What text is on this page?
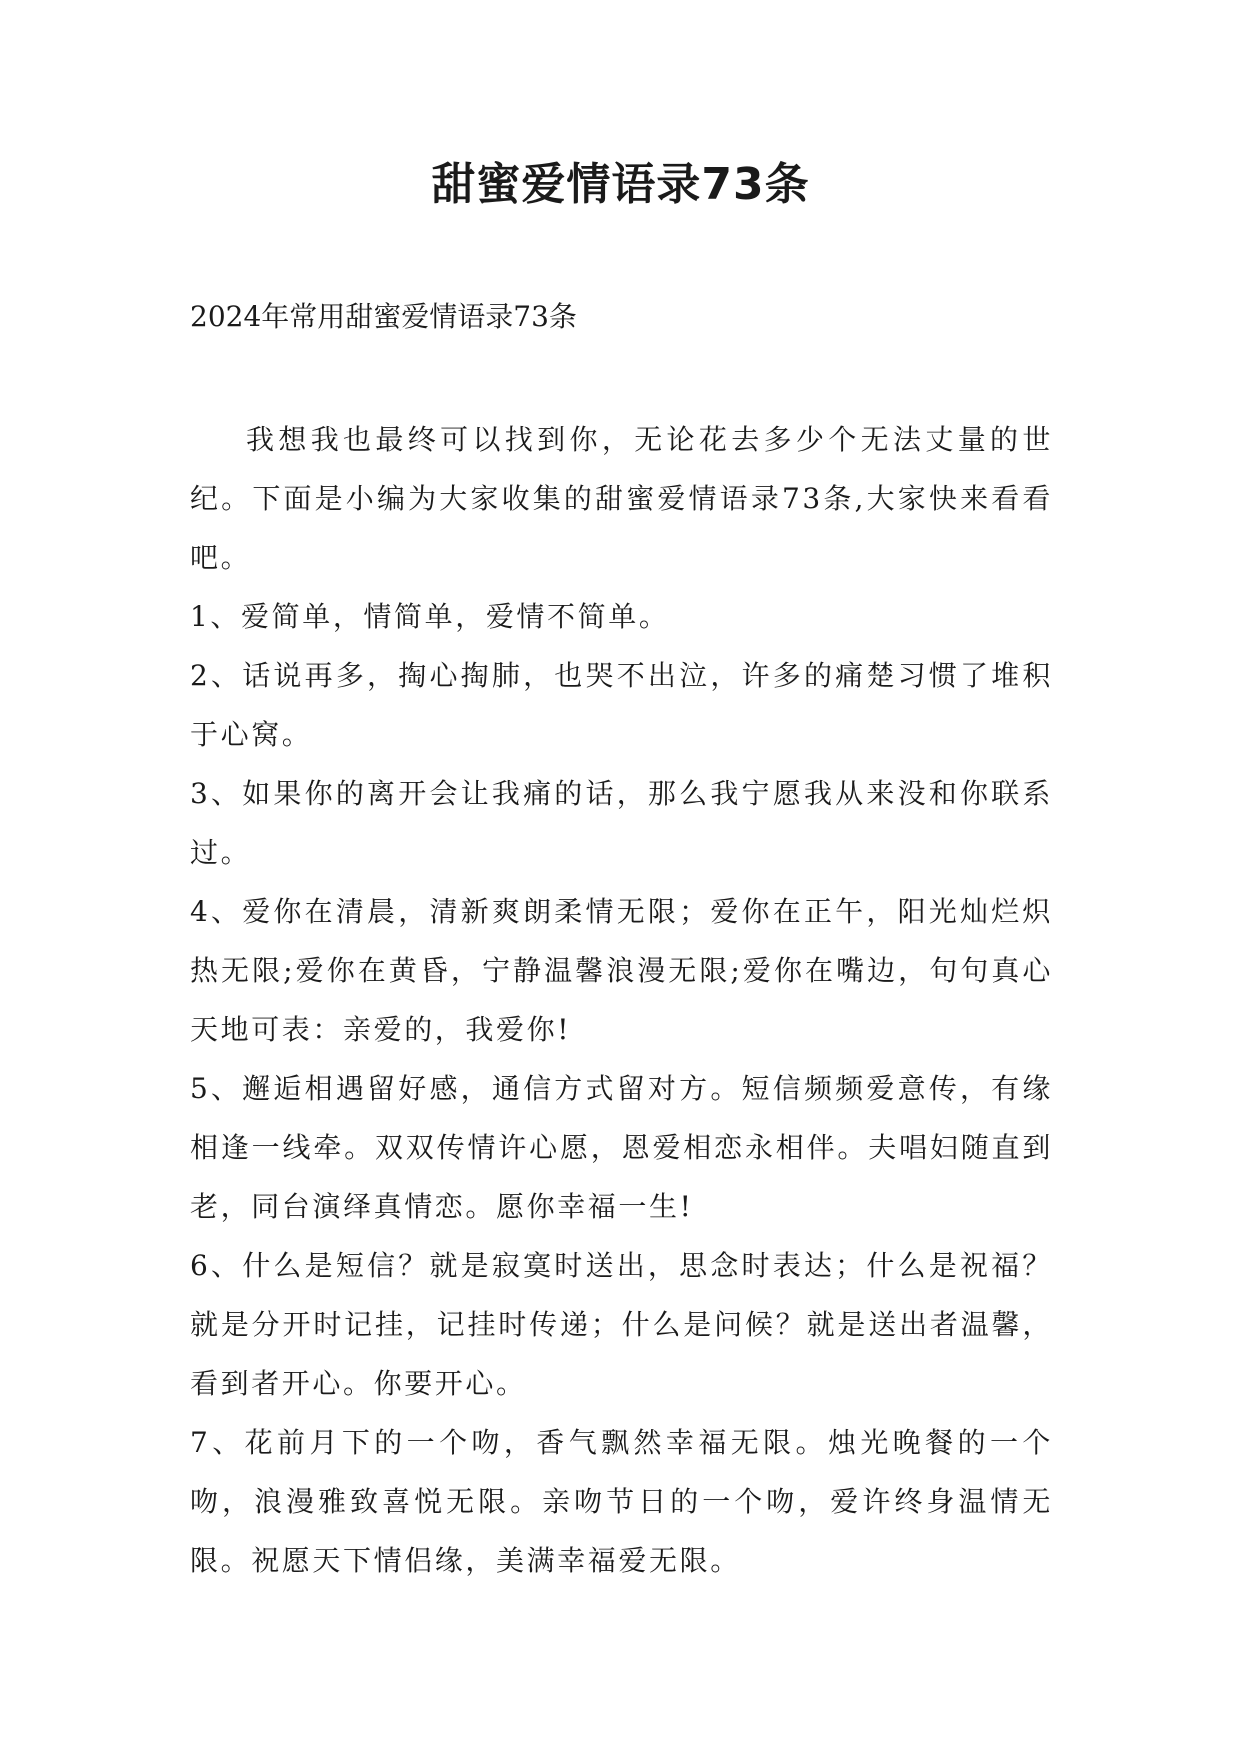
甜蜜爱情语录73条

2024年常用甜蜜爱情语录73条

我想我也最终可以找到你，无论花去多少个无法丈量的世纪。下面是小编为大家收集的甜蜜爱情语录73条,大家快来看看吧。

1、爱简单，情简单，爱情不简单。

2、话说再多，掏心掏肺，也哭不出泣，许多的痛楚习惯了堆积于心窝。

3、如果你的离开会让我痛的话，那么我宁愿我从来没和你联系过。

4、爱你在清晨，清新爽朗柔情无限；爱你在正午，阳光灿烂炽热无限;爱你在黄昏，宁静温馨浪漫无限;爱你在嘴边，句句真心天地可表：亲爱的，我爱你!

5、邂逅相遇留好感，通信方式留对方。短信频频爱意传，有缘相逢一线牵。双双传情许心愿，恩爱相恋永相伴。夫唱妇随直到老，同台演绎真情恋。愿你幸福一生!

6、什么是短信？就是寂寞时送出，思念时表达；什么是祝福？就是分开时记挂，记挂时传递；什么是问候？就是送出者温馨，看到者开心。你要开心。

7、花前月下的一个吻，香气飘然幸福无限。烛光晚餐的一个吻，浪漫雅致喜悦无限。亲吻节日的一个吻，爱许终身温情无限。祝愿天下情侣缘，美满幸福爱无限。
